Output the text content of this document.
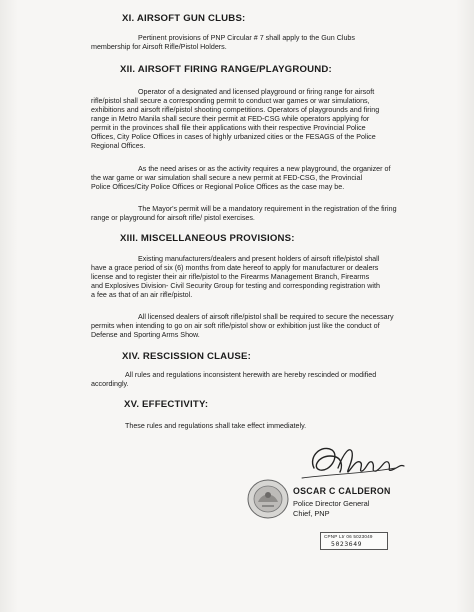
XI. AIRSOFT GUN CLUBS:
Pertinent provisions of PNP Circular # 7 shall apply to the Gun Clubs
membership for Airsoft Rifle/Pistol Holders.
XII. AIRSOFT FIRING RANGE/PLAYGROUND:
Operator of a designated and licensed playground or firing range for airsoft
rifle/pistol shall secure a corresponding permit to conduct war games or war simulations,
exhibitions and airsoft rifle/pistol shooting competitions. Operators of playgrounds and firing
range in Metro Manila shall secure their permit at FED-CSG while operators applying for
permit in the provinces shall file their applications with their respective Provincial Police
Offices, City Police Offices in cases of highly urbanized cities or the FESAGS of the Police
Regional Offices.
As the need arises or as the activity requires a new playground, the organizer of
the war game or war simulation shall secure a new permit at FED-CSG, the Provincial
Police Offices/City Police Offices or Regional Police Offices as the case may be.
The Mayor's permit will be a mandatory requirement in the registration of the firing
range or playground for airsoft rifle/ pistol exercises.
XIII. MISCELLANEOUS PROVISIONS:
Existing manufacturers/dealers and present holders of airsoft rifle/pistol shall
have a grace period of six (6) months from date hereof to apply for manufacturer or dealers
license and to register their air rifle/pistol to the Firearms Management Branch, Firearms
and Explosives Division- Civil Security Group for testing and corresponding registration with
a fee as that of an air rifle/pistol.
All licensed dealers of airsoft rifle/pistol shall be required to secure the necessary
permits when intending to go on air soft rifle/pistol show or exhibition just like the conduct of
Defense and Sporting Arms Show.
XIV. RESCISSION CLAUSE:
All rules and regulations inconsistent herewith are hereby rescinded or modified
accordingly.
XV. EFFECTIVITY:
These rules and regulations shall take effect immediately.
OSCAR C CALDERON
Police Director General
Chief, PNP
CPNP Ltr 06 5023049
5023649
